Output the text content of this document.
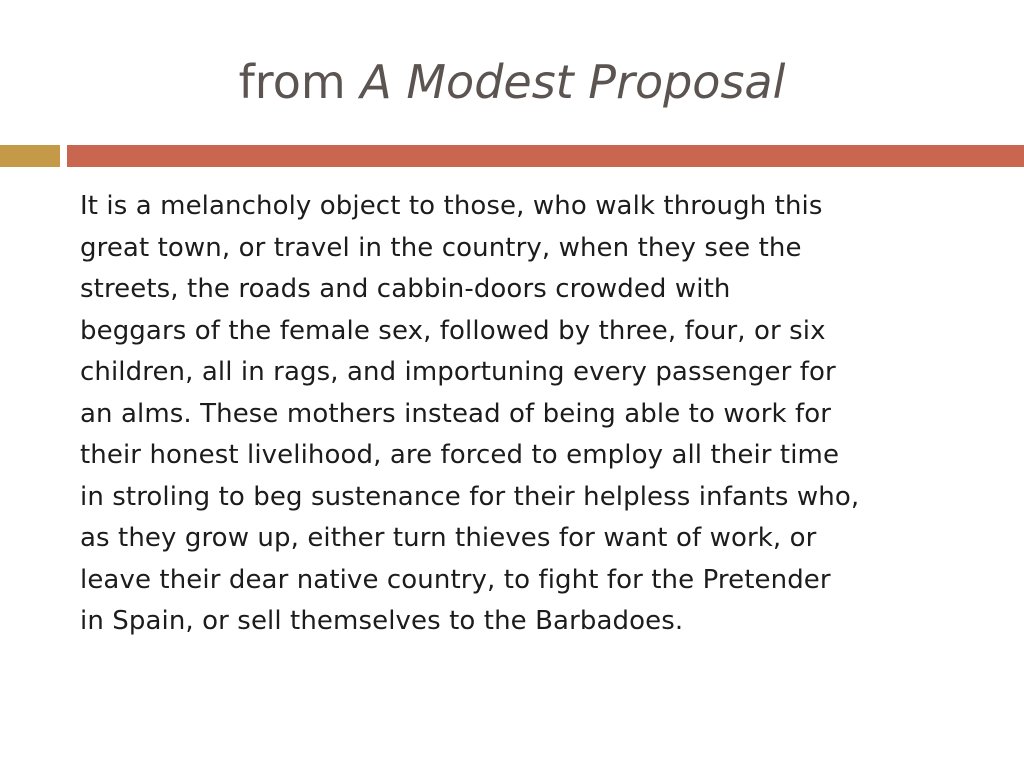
from A Modest Proposal

It is a melancholy object to those, who walk through this
great town, or travel in the country, when they see the
streets, the roads and cabbin-doors crowded with
beggars of the female sex, followed by three, four, or six
children, all in rags, and importuning every passenger for
an alms. These mothers instead of being able to work for
their honest livelihood, are forced to employ all their time
in stroling to beg sustenance for their helpless infants who,
as they grow up, either turn thieves for want of work, or
leave their dear native country, to fight for the Pretender
in Spain, or sell themselves to the Barbadoes.
